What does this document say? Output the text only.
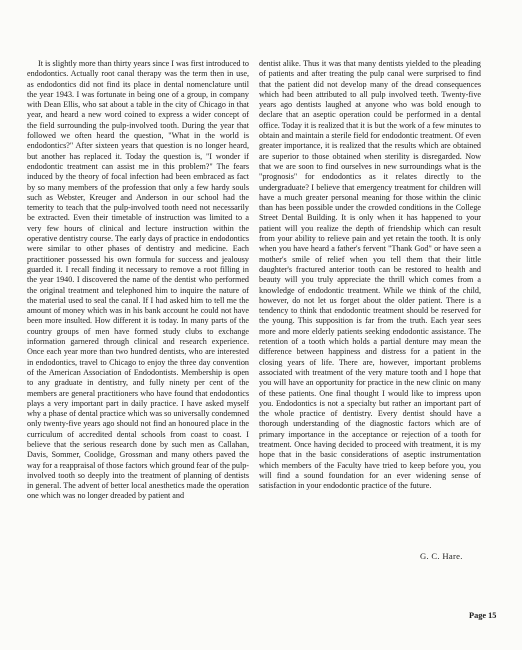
It is slightly more than thirty years since I was first introduced to endodontics. Actually root canal therapy was the term then in use, as endodontics did not find its place in dental nomenclature until the year 1943. I was fortunate in being one of a group, in company with Dean Ellis, who sat about a table in the city of Chicago in that year, and heard a new word coined to express a wider concept of the field surrounding the pulp-involved tooth. During the year that followed we often heard the question, "What in the world is endodontics?" After sixteen years that question is no longer heard, but another has replaced it. Today the question is, "I wonder if endodontic treatment can assist me in this problem?" The fears induced by the theory of focal infection had been embraced as fact by so many members of the profession that only a few hardy souls such as Webster, Kreuger and Anderson in our school had the temerity to teach that the pulp-involved tooth need not necessarily be extracted. Even their timetable of instruction was limited to a very few hours of clinical and lecture instruction within the operative dentistry course. The early days of practice in endodontics were similar to other phases of dentistry and medicine. Each practitioner possessed his own formula for success and jealousy guarded it. I recall finding it necessary to remove a root filling in the year 1940. I discovered the name of the dentist who performed the original treatment and telephoned him to inquire the nature of the material used to seal the canal. If I had asked him to tell me the amount of money which was in his bank account he could not have been more insulted. How different it is today. In many parts of the country groups of men have formed study clubs to exchange information garnered through clinical and research experience. Once each year more than two hundred dentists, who are interested in endodontics, travel to Chicago to enjoy the three day convention of the American Association of Endodontists. Membership is open to any graduate in dentistry, and fully ninety per cent of the members are general practitioners who have found that endodontics plays a very important part in daily practice. I have asked myself why a phase of dental practice which was so universally condemned only twenty-five years ago should not find an honoured place in the curriculum of accredited dental schools from coast to coast. I believe that the serious research done by such men as Callahan, Davis, Sommer, Coolidge, Grossman and many others paved the way for a reappraisal of those factors which ground fear of the pulp-involved tooth so deeply into the treatment of planning of dentists in general. The advent of better local anesthetics made the operation one which was no longer dreaded by patient and

dentist alike. Thus it was that many dentists yielded to the pleading of patients and after treating the pulp canal were surprised to find that the patient did not develop many of the dread consequences which had been attributed to all pulp involved teeth. Twenty-five years ago dentists laughed at anyone who was bold enough to declare that an aseptic operation could be performed in a dental office. Today it is realized that it is but the work of a few minutes to obtain and maintain a sterile field for endodontic treatment. Of even greater importance, it is realized that the results which are obtained are superior to those obtained when sterility is disregarded. Now that we are soon to find ourselves in new surroundings what is the "prognosis" for endodontics as it relates directly to the undergraduate? I believe that emergency treatment for children will have a much greater personal meaning for those within the clinic than has been possible under the crowded conditions in the College Street Dental Building. It is only when it has happened to your patient will you realize the depth of friendship which can result from your ability to relieve pain and yet retain the tooth. It is only when you have heard a father's fervent "Thank God" or have seen a mother's smile of relief when you tell them that their little daughter's fractured anterior tooth can be restored to health and beauty will you truly appreciate the thrill which comes from a knowledge of endodontic treatment. While we think of the child, however, do not let us forget about the older patient. There is a tendency to think that endodontic treatment should be reserved for the young. This supposition is far from the truth. Each year sees more and more elderly patients seeking endodontic assistance. The retention of a tooth which holds a partial denture may mean the difference between happiness and distress for a patient in the closing years of life. There are, however, important problems associated with treatment of the very mature tooth and I hope that you will have an opportunity for practice in the new clinic on many of these patients. One final thought I would like to impress upon you. Endodontics is not a specialty but rather an important part of the whole practice of dentistry. Every dentist should have a thorough understanding of the diagnostic factors which are of primary importance in the acceptance or rejection of a tooth for treatment. Once having decided to proceed with treatment, it is my hope that in the basic considerations of aseptic instrumentation which members of the Faculty have tried to keep before you, you will find a sound foundation for an ever widening sense of satisfaction in your endodontic practice of the future.

G. C. Hare.
Page 15
